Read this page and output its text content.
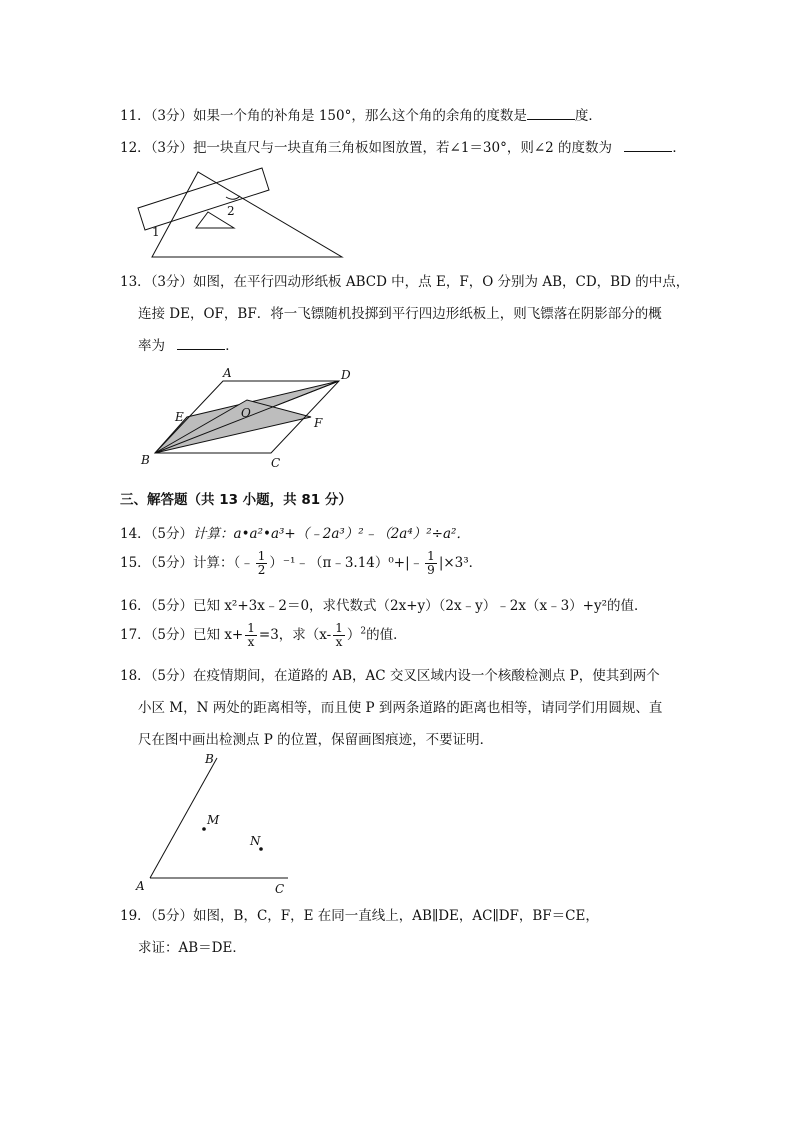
11．（3分）如果一个角的补角是 150°，那么这个角的余角的度数是	度．
12．（3分）把一块直尺与一块直角三角板如图放置，若∠1＝30°，则∠2 的度数为	．
1
2
13．（3分）如图，在平行四动形纸板 ABCD 中，点 E，F，O 分别为 AB，CD，BD 的中点，
连接 DE，OF，BF．将一飞镖随机投掷到平行四边形纸板上，则飞镖落在阴影部分的概
率为	．
A
B	C
D
E	F
O
三、解答题（共 13 小题，共 81 分）
14．（5分）计算：a•a²•a³+（﹣2a³）²﹣（2a⁴）²÷a²．
15．（5分）计算：（﹣ $\frac{1}{2}$ ）⁻¹﹣（π﹣3.14）⁰+|﹣ $\frac{1}{9} |\times 3^3$．
16．（5分）已知 x²+3x﹣2＝0，求代数式（2x+y）（2x﹣y）﹣2x（x﹣3）+y²的值．
17．（5分）已知 $x+ \frac{1}{x} =3$，求$(x- \frac{1}{x} )^2$的值．
18．（5分）在疫情期间，在道路的 AB，AC 交叉区域内设一个核酸检测点 P，使其到两个
小区 M，N 两处的距离相等，而且使 P 到两条道路的距离也相等，请同学们用圆规、直
尺在图中画出检测点 P 的位置，保留画图痕迹，不要证明．
B
A	C
M
N
19．（5分）如图，B，C，F，E 在同一直线上，AB∥DE，AC∥DF，BF＝CE，
求证：AB＝DE．
